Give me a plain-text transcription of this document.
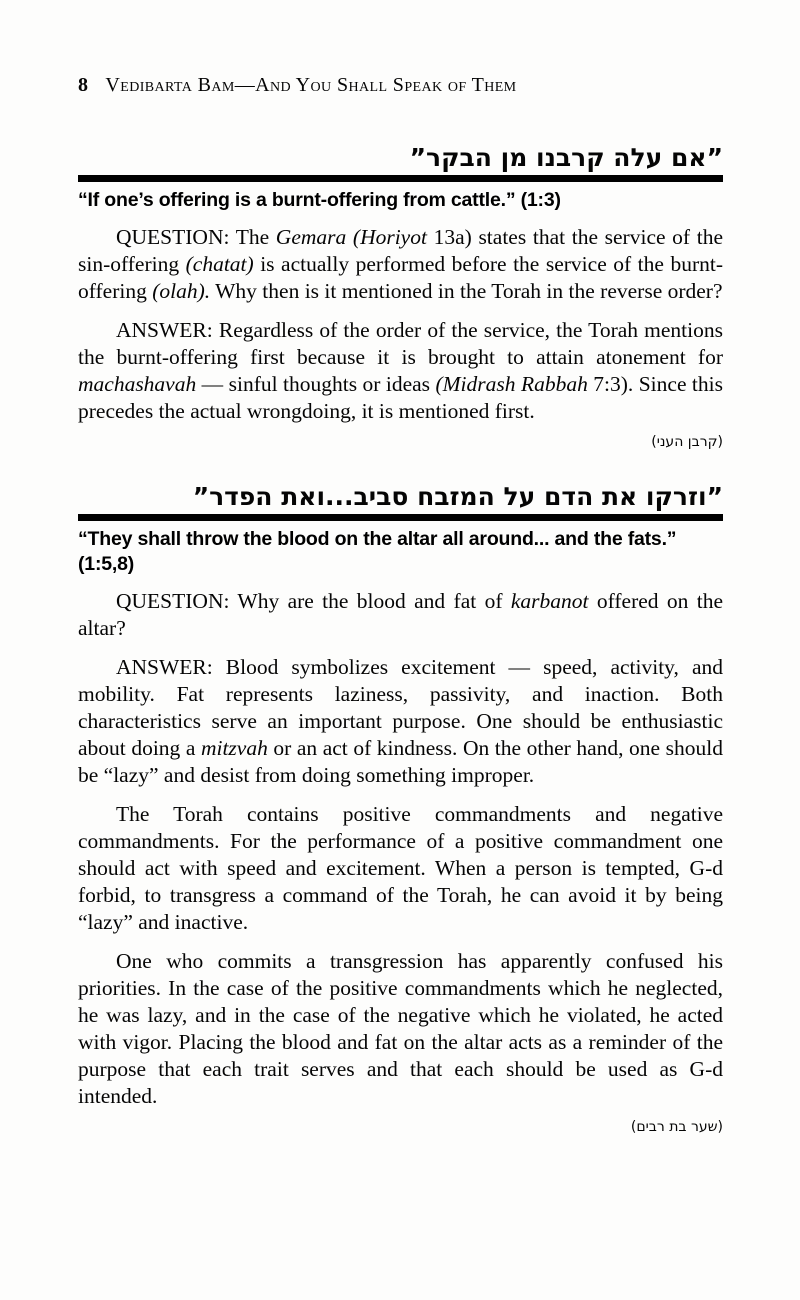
8 Vedibarta Bam—And You Shall Speak of Them
”אם עלה קרבנו מן הבקר”
“If one’s offering is a burnt-offering from cattle.” (1:3)

QUESTION: The Gemara (Horiyot 13a) states that the service of the sin-offering (chatat) is actually performed before the service of the burnt-offering (olah). Why then is it mentioned in the Torah in the reverse order?

ANSWER: Regardless of the order of the service, the Torah mentions the burnt-offering first because it is brought to attain atonement for machashavah — sinful thoughts or ideas (Midrash Rabbah 7:3). Since this precedes the actual wrongdoing, it is mentioned first.

(קרבן העני)
”וזרקו את הדם על המזבח סביב...ואת הפדר”
“They shall throw the blood on the altar all around... and the fats.” (1:5,8)

QUESTION: Why are the blood and fat of karbanot offered on the altar?

ANSWER: Blood symbolizes excitement — speed, activity, and mobility. Fat represents laziness, passivity, and inaction. Both characteristics serve an important purpose. One should be enthusiastic about doing a mitzvah or an act of kindness. On the other hand, one should be “lazy” and desist from doing something improper.

The Torah contains positive commandments and negative commandments. For the performance of a positive commandment one should act with speed and excitement. When a person is tempted, G-d forbid, to transgress a command of the Torah, he can avoid it by being “lazy” and inactive.

One who commits a transgression has apparently confused his priorities. In the case of the positive commandments which he neglected, he was lazy, and in the case of the negative which he violated, he acted with vigor. Placing the blood and fat on the altar acts as a reminder of the purpose that each trait serves and that each should be used as G-d intended.

(שער בת רבים)
